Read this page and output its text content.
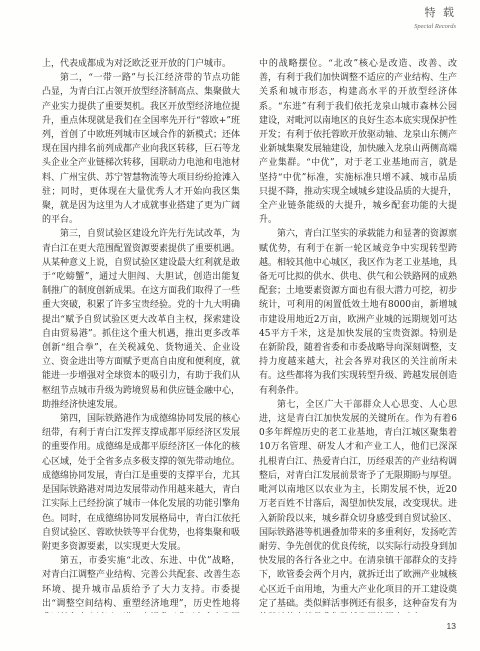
特 载
Special Records

上，代表成都成为对泛欧泛亚开放的门户城市。

第二，“一带一路”与长江经济带的节点功能凸显，为青白江占领开放型经济制高点、集聚做大产业实力提供了重要契机。我区开放型经济地位提升，重点体现就是我们在全国率先开行“蓉欧+”班列，首创了中欧班列城市区域合作的新模式；还体现在国内排名前列成都产业向我区转移，巨石等龙头企业全产业链梯次转移，国联动力电池和电池材料、广州宝供、苏宁智慧物流等大项目纷纷抢滩入驻；同时，更体现在大量优秀人才开始向我区集聚，就是因为这里为人才成就事业搭建了更为广阔的平台。

第三，自贸试验区建设允许先行先试改革，为青白江在更大范围配置资源要素提供了重要机遇。从某种意义上说，自贸试验区建设最大红利就是敢于“吃螃蟹”，通过大胆闯、大胆试，创造出能复制推广的制度创新成果。在这方面我们取得了一些重大突破，积累了许多宝贵经验。党的十九大明确提出“赋予自贸试验区更大改革自主权，探索建设自由贸易港”。抓住这个重大机遇，推出更多改革创新“组合拳”，在关税减免、货物通关、企业设立、资金进出等方面赋予更高自由度和便利度，就能进一步增强对全球资本的吸引力，有助于我们从枢纽节点城市升级为跨境贸易和供应链金融中心，助推经济快速发展。

第四，国际铁路港作为成德绵协同发展的核心纽带，有利于青白江发挥支撑成都平原经济区发展的重要作用。成德绵是成都平原经济区一体化的核心区域，处于全省多点多极支撑的领先带动地位。成德绵协同发展，青白江是重要的支撑平台，尤其是国际铁路港对周边发展带动作用越来越大，青白江实际上已经扮演了城市一体化发展的功能引擎角色。同时，在成德绵协同发展格局中，青白江依托自贸试验区、蓉欧快铁等平台优势，也将集聚和吸附更多资源要素，以实现更大发展。

第五，市委实施“北改、东进、中优”战略，对青白江调整产业结构、完善公共配套、改善生态环境、提升城市品质给予了大力支持。市委提出“调整空间结构、重塑经济地理”，历史性地将

中的战略摆位。“北改”核心是改造、改善、改善，有利于我们加快调整不适应的产业结构、生产关系和城市形态，构建高水平的开放型经济体系。“东进”有利于我们依托龙泉山城市森林公园建设，对毗河以南地区的良好生态本底实现保护性开发；有利于依托蓉欧开放驱动轴、龙泉山东侧产业新城集聚发展轴建设，加快融入龙泉山两侧高端产业集群。“中优”，对于老工业基地而言，就是坚持“中优”标准，实施标准只增不减、城市品质只提不降，推动实现全域城乡建设品质的大提升，全产业链条能级的大提升，城乡配套功能的大提升。

第六，青白江坚实的承载能力和显著的资源禀赋优势，有利于在新一轮区域竞争中实现转型跨越。相较其他中心城区，我区作为老工业基地，具备无可比拟的供水、供电、供气和公铁路网的成熟配套；土地要素资源方面也有很大潜力可挖，初步统计，可利用的闲置低效土地有8000亩，新增城市建设用地近2万亩，欧洲产业城的远期规划可达45平方千米，这是加快发展的宝贵资源。特别是在新阶段，随着省委和市委战略导向深刻调整，支持力度越来越大，社会各界对我区的关注前所未有。这些都将为我们实现转型升级、跨越发展创造有利条件。

第七，全区广大干部群众人心思变、人心思进，这是青白江加快发展的关键所在。作为有着60多年辉煌历史的老工业基地，青白江城区聚集着10万名管理、研发人才和产业工人，他们已深深扎根青白江、热爱青白江，历经艰苦的产业结构调整后，对青白江发展前景寄予了无限期盼与厚望。毗河以南地区以农业为主，长期发展不快，近20万老百姓不甘落后，渴望加快发展，改变现状。进入新阶段以来，城乡群众切身感受到自贸试验区、国际铁路港等机遇叠加带来的多重利好，发扬吃苦耐劳、争先创优的优良传统，以实际行动投身到加快发展的各行各业之中。在清泉镇干部群众的支持下，欧管委会两个月内，就拆迁出了欧洲产业城核心区近千亩用地，为重大产业化项目的开工建设奠定了基础。类似鲜活事例还有很多，这种奋发有为

13
